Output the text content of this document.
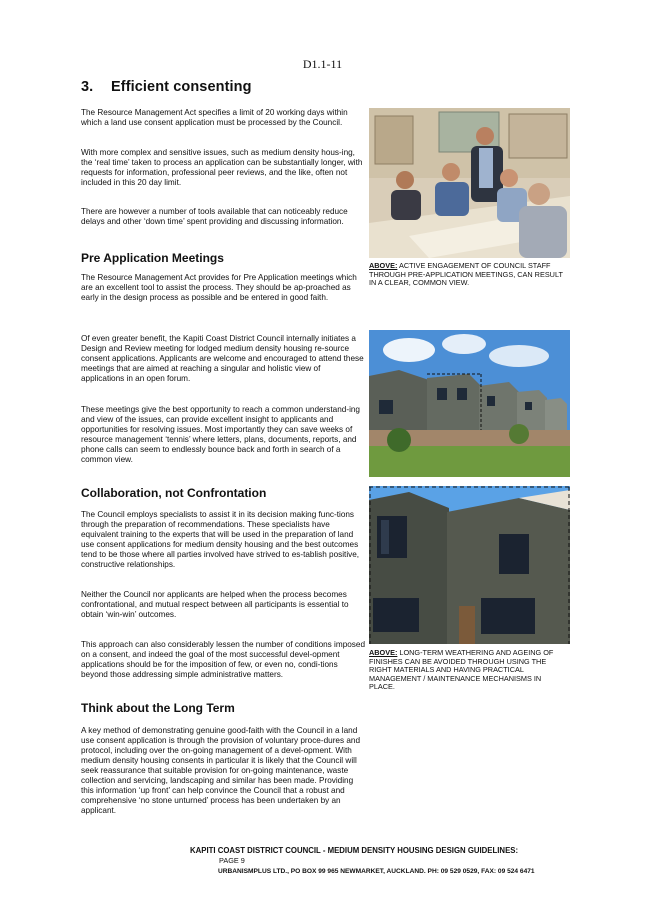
D1.1-11
3. Efficient consenting

The Resource Management Act specifies a limit of 20 working days within which a land use consent application must be processed by the Council.

With more complex and sensitive issues, such as medium density hous-ing, the ‘real time’ taken to process an application can be substantially longer, with requests for information, professional peer reviews, and the like, often not included in this 20 day limit.

There are however a number of tools available that can noticeably reduce delays and other ‘down time’ spent providing and discussing information.

Pre Application Meetings

The Resource Management Act provides for Pre Application meetings which are an excellent tool to assist the process. They should be ap-proached as early in the design process as possible and be entered in good faith.

Of even greater benefit, the Kapiti Coast District Council internally initiates a Design and Review meeting for lodged medium density housing re-source consent applications. Applicants are welcome and encouraged to attend these meetings that are aimed at reaching a singular and holistic view of applications in an open forum.

These meetings give the best opportunity to reach a common understand-ing and view of the issues, can provide excellent insight to applicants and opportunities for resolving issues. Most importantly they can save weeks of resource management ‘tennis’ where letters, plans, documents, reports, and phone calls can seem to endlessly bounce back and forth in search of a common view.

Collaboration, not Confrontation

The Council employs specialists to assist it in its decision making func-tions through the preparation of recommendations. These specialists have equivalent training to the experts that will be used in the preparation of land use consent applications for medium density housing and the best outcomes tend to be those where all parties involved have strived to es-tablish positive, constructive relationships.

Neither the Council nor applicants are helped when the process becomes confrontational, and mutual respect between all participants is essential to obtain ‘win-win’ outcomes.

This approach can also considerably lessen the number of conditions imposed on a consent, and indeed the goal of the most successful devel-opment applications should be for the imposition of few, or even no, condi-tions beyond those addressing simple administrative matters.

Think about the Long Term

A key method of demonstrating genuine good-faith with the Council in a land use consent application is through the provision of voluntary proce-dures and protocol, including over the on-going management of a devel-opment. With medium density housing consents in particular it is likely that the Council will seek reassurance that suitable provision for on-going maintenance, waste collection and servicing, landscaping and similar has been made. Providing this information ‘up front’ can help convince the Council that a robust and comprehensive ‘no stone unturned’ process has been undertaken by an applicant.

ABOVE: ACTIVE ENGAGEMENT OF COUNCIL STAFF THROUGH PRE-APPLICATION MEETINGS, CAN RESULT IN A CLEAR, COMMON VIEW.
ABOVE: LONG-TERM WEATHERING AND AGEING OF FINISHES CAN BE AVOIDED THROUGH USING THE RIGHT MATERIALS AND HAVING PRACTICAL MANAGEMENT / MAINTENANCE MECHANISMS IN PLACE.
KAPITI COAST DISTRICT COUNCIL - MEDIUM DENSITY HOUSING DESIGN GUIDELINES:
PAGE 9
URBANISMPLUS LTD., PO BOX 99 965 NEWMARKET, AUCKLAND. PH: 09 529 0529, FAX: 09 524 6471
